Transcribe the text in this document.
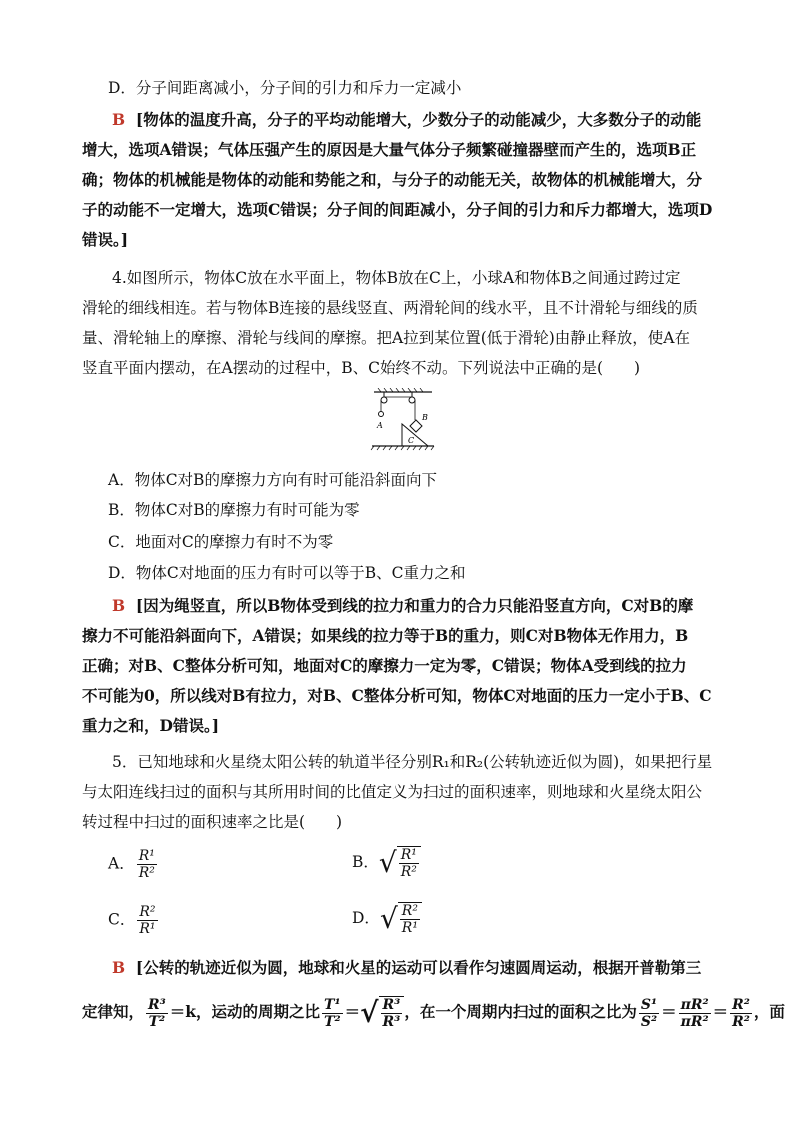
D．分子间距离减小，分子间的引力和斥力一定减小
B [物体的温度升高，分子的平均动能增大，少数分子的动能减少，大多数分子的动能
增大，选项A错误；气体压强产生的原因是大量气体分子频繁碰撞器壁而产生的，选项B正
确；物体的机械能是物体的动能和势能之和，与分子的动能无关，故物体的机械能增大，分
子的动能不一定增大，选项C错误；分子间的间距减小，分子间的引力和斥力都增大，选项D
错误。]
4.如图所示，物体C放在水平面上，物体B放在C上，小球A和物体B之间通过跨过定
滑轮的细线相连。若与物体B连接的悬线竖直、两滑轮间的线水平，且不计滑轮与细线的质
量、滑轮轴上的摩擦、滑轮与线间的摩擦。把A拉到某位置(低于滑轮)由静止释放，使A在
竖直平面内摆动，在A摆动的过程中，B、C始终不动。下列说法中正确的是(　　)
A
B
C
A．物体C对B的摩擦力方向有时可能沿斜面向下
B．物体C对B的摩擦力有时可能为零
C．地面对C的摩擦力有时不为零
D．物体C对地面的压力有时可以等于B、C重力之和
B [因为绳竖直，所以B物体受到线的拉力和重力的合力只能沿竖直方向，C对B的摩
擦力不可能沿斜面向下，A错误；如果线的拉力等于B的重力，则C对B物体无作用力，B
正确；对B、C整体分析可知，地面对C的摩擦力一定为零，C错误；物体A受到线的拉力
不可能为0，所以线对B有拉力，对B、C整体分析可知，物体C对地面的压力一定小于B、C
重力之和，D错误。]
5．已知地球和火星绕太阳公转的轨道半径分别R₁和R₂(公转轨迹近似为圆)，如果把行星
与太阳连线扫过的面积与其所用时间的比值定义为扫过的面积速率，则地球和火星绕太阳公
转过程中扫过的面积速率之比是(　　)
A． $\frac{\text{R¹}}{\text{R²}}$	B． √ $\frac{\text{R¹}}{\text{R²}}$
C． $\frac{\text{R²}}{\text{R¹}}$	D． √ $\frac{\text{R²}}{\text{R¹}}$
B [公转的轨迹近似为圆，地球和火星的运动可以看作匀速圆周运动，根据开普勒第三
定律知， $\frac{\text{R³}}{\text{T²}} =k$，运动的周期之比 $\frac{\text{T¹}}{\text{T²}}$ ＝ √ $\frac{\text{R³}}{\text{R³}}$ ，在一个周期内扫过的面积之比为 $\frac{\text{S¹}}{\text{S²}} = \frac{\text{πR²}}{\text{πR²}} = \frac{\text{R²}}{\text{R²}}$ ，面
